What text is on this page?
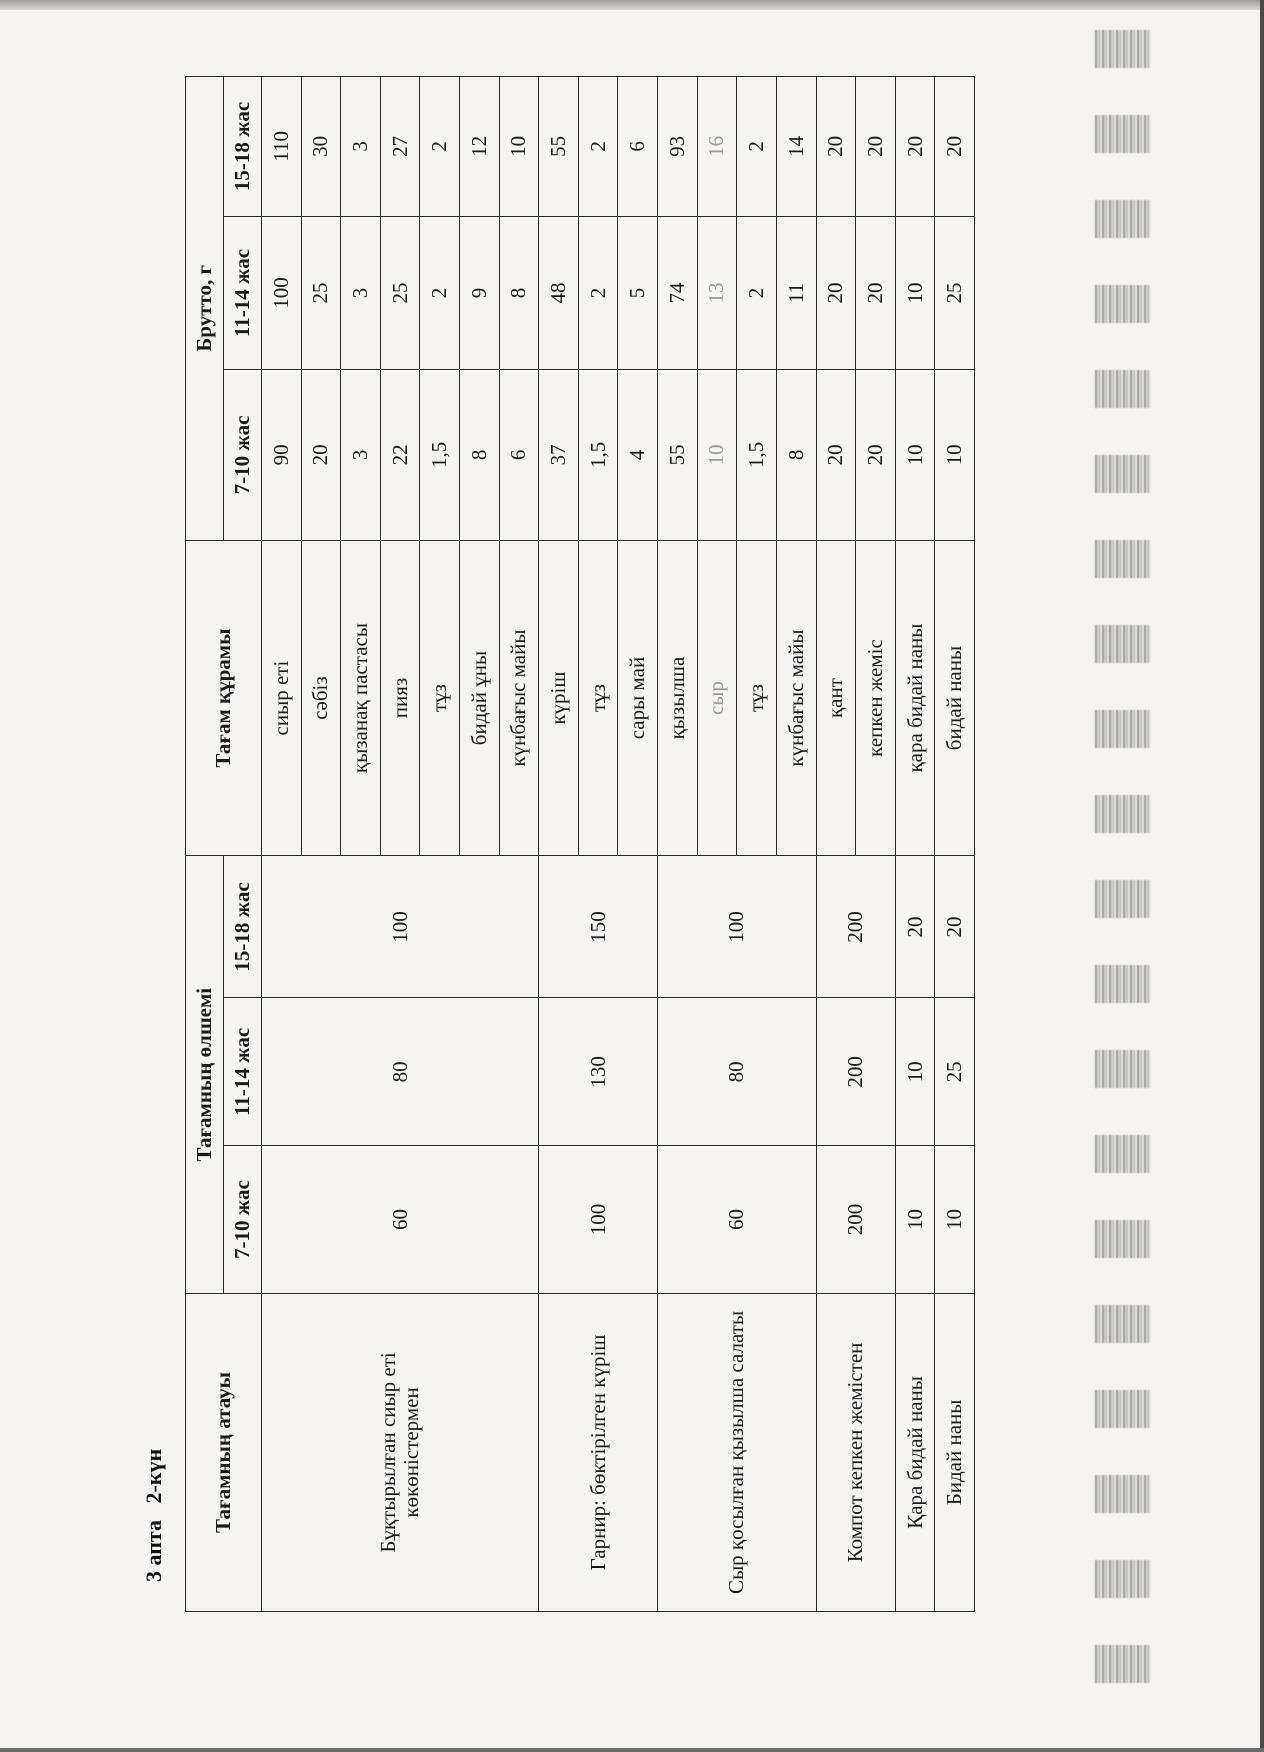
3 апта   2-күн Тағамның атауы	Тағамның өлшемі			Тағам құрамы	Брутто, г		
	7-10 жас	11-14 жас	15-18 жас		7-10 жас	11-14 жас	15-18 жас
Бұқтырылған сиыр еті көкөністермен	60	80	100	сиыр еті	90	100	110
				сәбіз	20	25	30
				қызанақ пастасы	3	3	3
				пияз	22	25	27
				тұз	1,5	2	2
				бидай ұны	8	9	12
				күнбағыс майы	6	8	10
Гарнир: бөктірілген күріш	100	130	150	күріш	37	48	55
				тұз	1,5	2	2
				сары май	4	5	6
Сыр қосылған қызылша салаты	60	80	100	қызылша	55	74	93
				сыр	10	13	16
				тұз	1,5	2	2
				күнбағыс майы	8	11	14
Компот кепкен жемістен	200	200	200	қант	20	20	20
				кепкен жеміс	20	20	20
Қара бидай наны	10	10	20	қара бидай наны	10	10	20
Бидай наны	10	25	20	бидай наны	10	25	20
